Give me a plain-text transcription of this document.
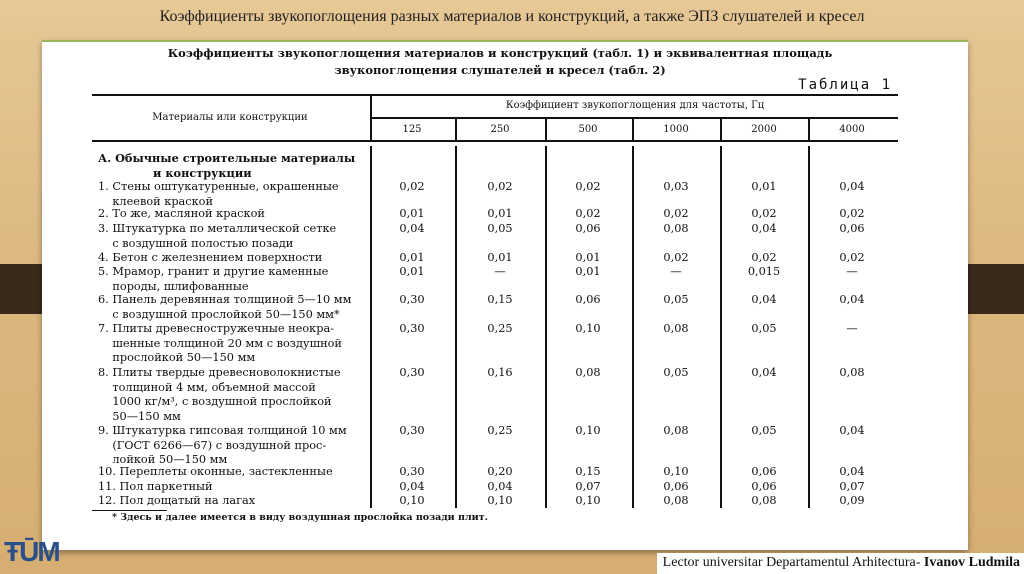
Коэффициенты звукопоглощения разных материалов и конструкций, а также ЭПЗ слушателей и кресел
Коэффициенты звукопоглощения материалов и конструкций (табл. 1) и эквивалентная площадь
звукопоглощения слушателей и кресел (табл. 2)
Таблица 1
Материалы или конструкции
Коэффициент звукопоглощения для частоты, Гц
125	250	500	1000	2000	4000
А. Обычные строительные материалы
и конструкции
1. Стены оштукатуренные, окрашенные
клеевой краской
0,02	0,02	0,02	0,03	0,01	0,04
2. То же, масляной краской	0,01	0,01	0,02	0,02	0,02	0,02
3. Штукатурка по металлической сетке
с воздушной полостью позади
0,04	0,05	0,06	0,08	0,04	0,06
4. Бетон с железнением поверхности	0,01	0,01	0,01	0,02	0,02	0,02
5. Мрамор, гранит и другие каменные
породы, шлифованные
0,01	—	0,01	—	0,015	—
6. Панель деревянная толщиной 5—10 мм
с воздушной прослойкой 50—150 мм*
0,30	0,15	0,06	0,05	0,04	0,04
7. Плиты древесностружечные неокра-
шенные толщиной 20 мм с воздушной
прослойкой 50—150 мм
0,30	0,25	0,10	0,08	0,05	—
8. Плиты твердые древесноволокнистые
толщиной 4 мм, объемной массой
1000 кг/м³, с воздушной прослойкой
50—150 мм
0,30	0,16	0,08	0,05	0,04	0,08
9. Штукатурка гипсовая толщиной 10 мм
(ГОСТ 6266—67) с воздушной прос-
лойкой 50—150 мм
0,30	0,25	0,10	0,08	0,05	0,04
10. Переплеты оконные, застекленные	0,30	0,20	0,15	0,10	0,06	0,04
11. Пол паркетный	0,04	0,04	0,07	0,06	0,06	0,07
12. Пол дощатый на лагах	0,10	0,10	0,10	0,08	0,08	0,09
* Здесь и далее имеется в виду воздушная прослойка позади плит.
ŦŪM	Lector universitar Departamentul Arhitectura- Ivanov Ludmila
